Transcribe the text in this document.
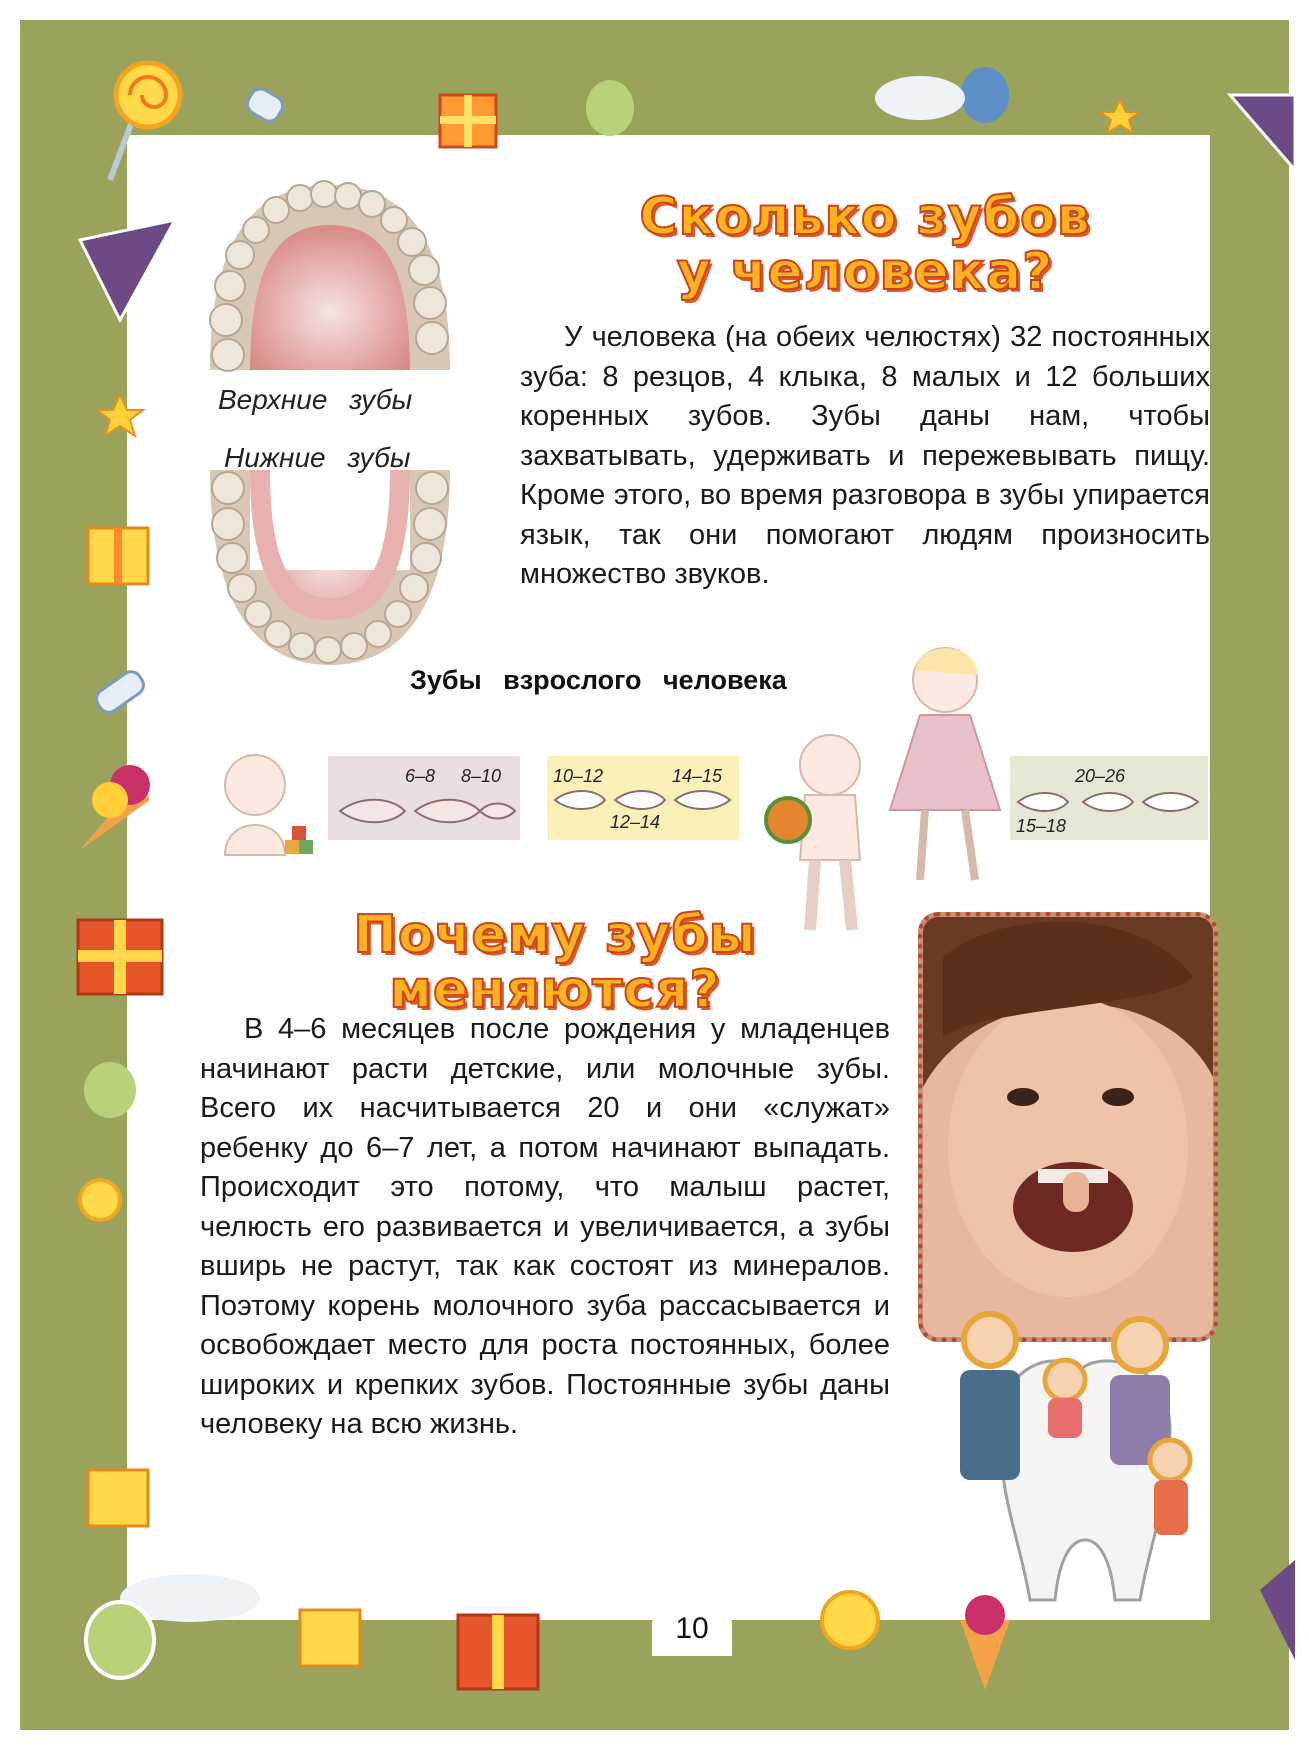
Сколько зубов
у человека?
Верхние зубы
Нижние зубы

У человека (на обеих челюстях) 32 постоянных зуба: 8 резцов, 4 клыка, 8 малых и 12 больших коренных зубов. Зубы даны нам, чтобы захватывать, удерживать и пережевывать пищу. Кроме этого, во время разговора в зубы упирается язык, так они помогают людям произносить множество звуков.

Зубы взрослого человека
6–8 8–10	10–12	14–15
12–14
20–26
15–18
Почему зубы
меняются?

В 4–6 месяцев после рождения у младенцев начинают расти детские, или молочные зубы. Всего их насчитывается 20 и они «служат» ребенку до 6–7 лет, а потом начинают выпадать. Происходит это потому, что малыш растет, челюсть его развивается и увеличивается, а зубы вширь не растут, так как состоят из минералов. Поэтому корень молочного зуба рассасывается и освобождает место для роста постоянных, более широких и крепких зубов. Постоянные зубы даны человеку на всю жизнь.

10
